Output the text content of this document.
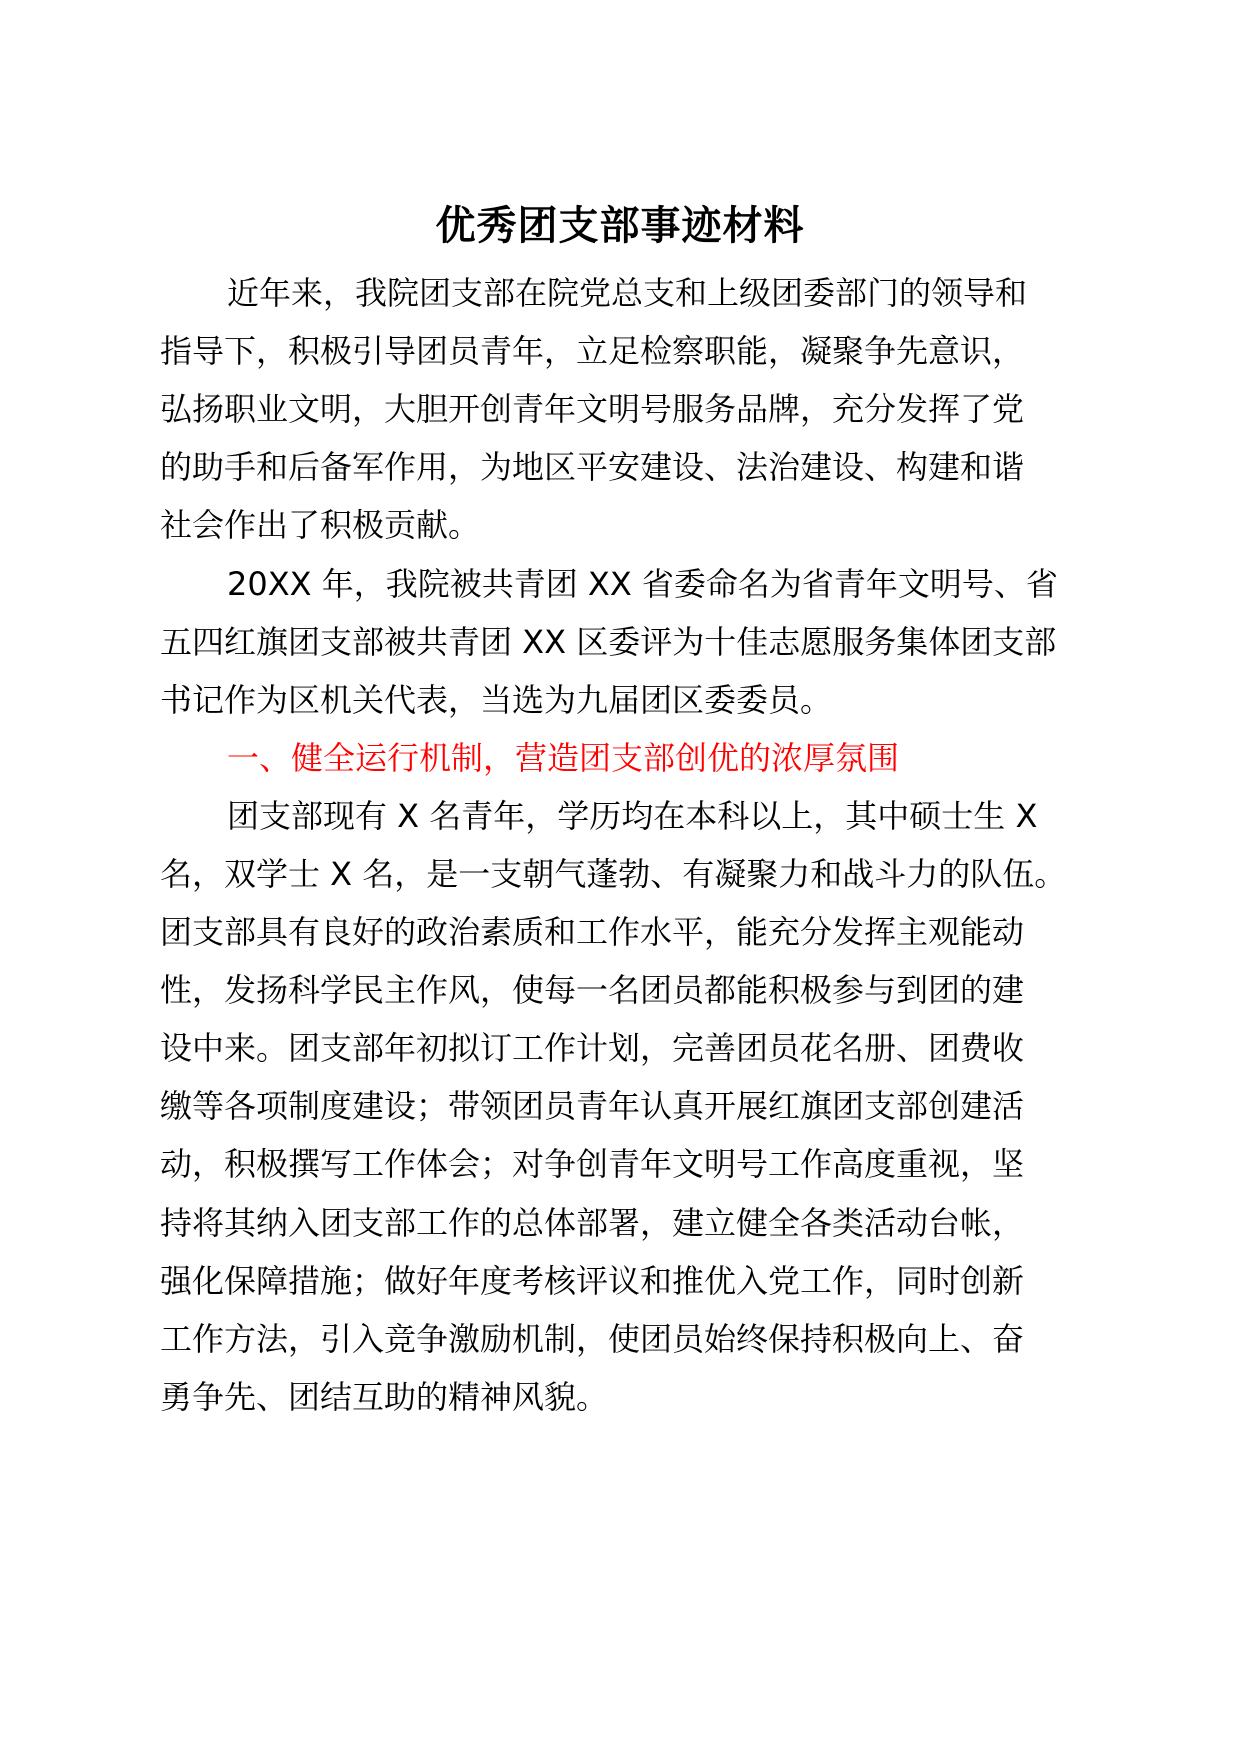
优秀团支部事迹材料
近年来，我院团支部在院党总支和上级团委部门的领导和
指导下，积极引导团员青年，立足检察职能，凝聚争先意识，
弘扬职业文明，大胆开创青年文明号服务品牌，充分发挥了党
的助手和后备军作用，为地区平安建设、法治建设、构建和谐
社会作出了积极贡献。
20XX 年，我院被共青团 XX 省委命名为省青年文明号、省
五四红旗团支部被共青团 XX 区委评为十佳志愿服务集体团支部
书记作为区机关代表，当选为九届团区委委员。
一、健全运行机制，营造团支部创优的浓厚氛围
团支部现有 X 名青年，学历均在本科以上，其中硕士生 X
名，双学士 X 名，是一支朝气蓬勃、有凝聚力和战斗力的队伍。
团支部具有良好的政治素质和工作水平，能充分发挥主观能动
性，发扬科学民主作风，使每一名团员都能积极参与到团的建
设中来。团支部年初拟订工作计划，完善团员花名册、团费收
缴等各项制度建设；带领团员青年认真开展红旗团支部创建活
动，积极撰写工作体会；对争创青年文明号工作高度重视，坚
持将其纳入团支部工作的总体部署，建立健全各类活动台帐，
强化保障措施；做好年度考核评议和推优入党工作，同时创新
工作方法，引入竞争激励机制，使团员始终保持积极向上、奋
勇争先、团结互助的精神风貌。
